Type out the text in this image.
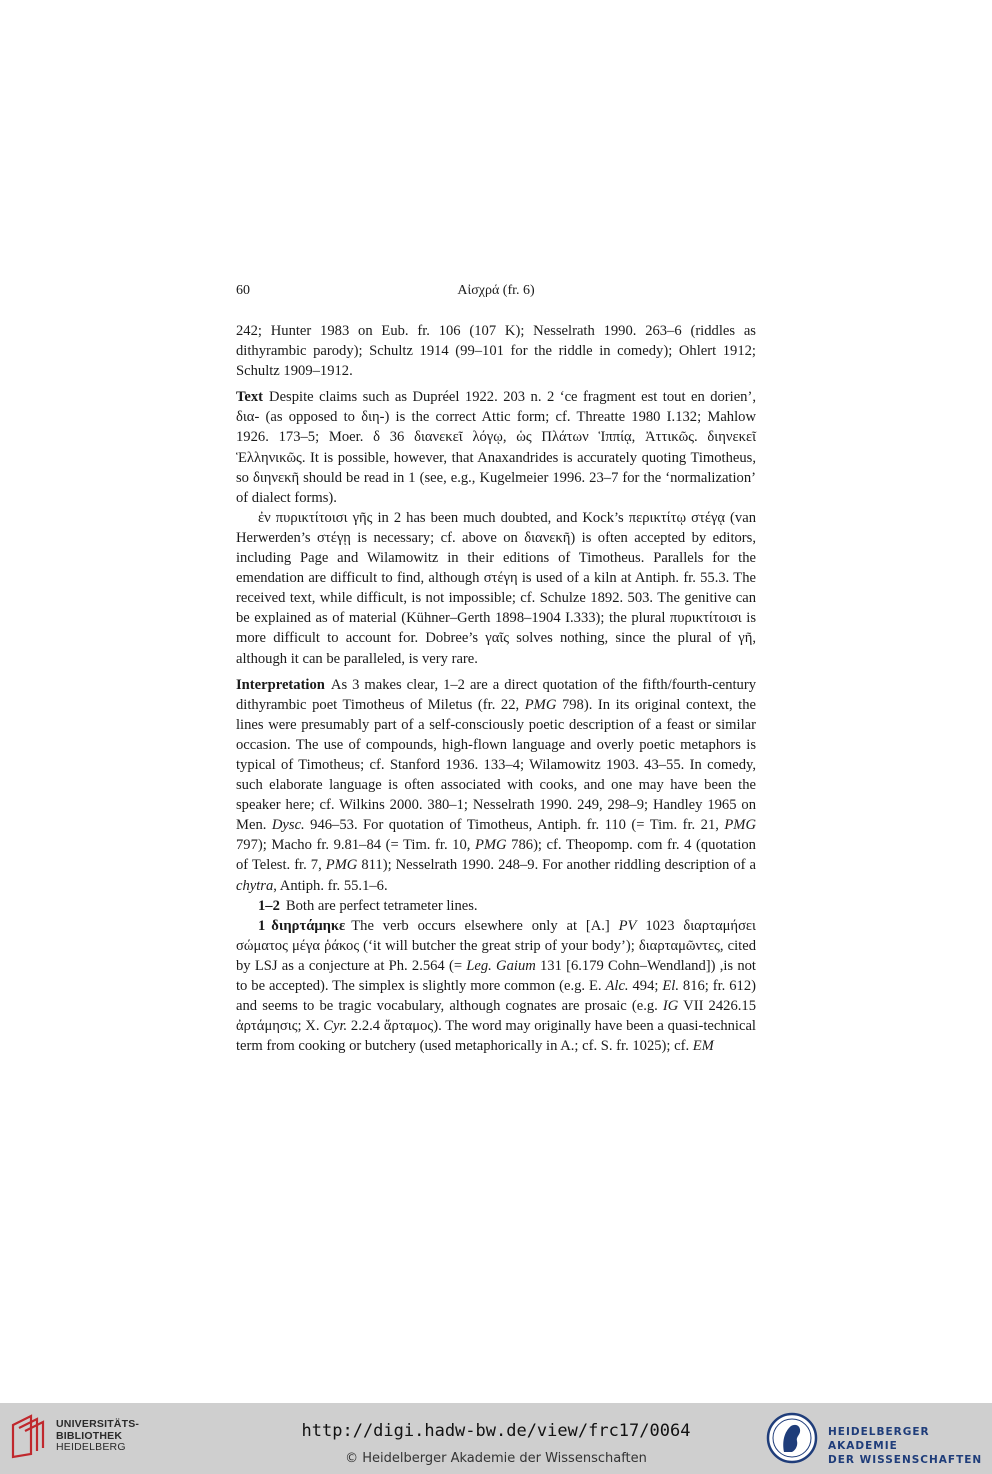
60	Αἰσχρά (fr. 6)

242; Hunter 1983 on Eub. fr. 106 (107 K); Nesselrath 1990. 263–6 (riddles as dithyrambic parody); Schultz 1914 (99–101 for the riddle in comedy); Ohlert 1912; Schultz 1909–1912.

Text Despite claims such as Dupréel 1922. 203 n. 2 ‘ce fragment est tout en dorien’, δια- (as opposed to διη-) is the correct Attic form; cf. Threatte 1980 I.132; Mahlow 1926. 173–5; Moer. δ 36 διανεκεῖ λόγῳ, ὡς Πλάτων Ἱππίᾳ, Ἀττικῶς. διηνεκεῖ Ἑλληνικῶς. It is possible, however, that Anaxandrides is accurately quoting Timotheus, so διηνεκῆ should be read in 1 (see, e.g., Kugelmeier 1996. 23–7 for the ‘normalization’ of dialect forms).

ἐν πυρικτίτοισι γῆς in 2 has been much doubted, and Kock’s περικτίτῳ στέγᾳ (van Herwerden’s στέγῃ is necessary; cf. above on διανεκῆ) is often accepted by editors, including Page and Wilamowitz in their editions of Timotheus. Parallels for the emendation are difficult to find, although στέγη is used of a kiln at Antiph. fr. 55.3. The received text, while difficult, is not impossible; cf. Schulze 1892. 503. The genitive can be explained as of material (Kühner–Gerth 1898–1904 I.333); the plural πυρικτίτοισι is more difficult to account for. Dobree’s γαῖς solves nothing, since the plural of γῆ, although it can be paralleled, is very rare.

Interpretation As 3 makes clear, 1–2 are a direct quotation of the fifth/fourth-century dithyrambic poet Timotheus of Miletus (fr. 22, PMG 798). In its original context, the lines were presumably part of a self-consciously poetic description of a feast or similar occasion. The use of compounds, high-flown language and overly poetic metaphors is typical of Timotheus; cf. Stanford 1936. 133–4; Wilamowitz 1903. 43–55. In comedy, such elaborate language is often associated with cooks, and one may have been the speaker here; cf. Wilkins 2000. 380–1; Nesselrath 1990. 249, 298–9; Handley 1965 on Men. Dysc. 946–53. For quotation of Timotheus, Antiph. fr. 110 (= Tim. fr. 21, PMG 797); Macho fr. 9.81–84 (= Tim. fr. 10, PMG 786); cf. Theopomp. com fr. 4 (quotation of Telest. fr. 7, PMG 811); Nesselrath 1990. 248–9. For another riddling description of a chytra, Antiph. fr. 55.1–6.

1–2 Both are perfect tetrameter lines.

1 διηρτάμηκε The verb occurs elsewhere only at [A.] PV 1023 διαρταμήσει σώματος μέγα ῥάκος (‘it will butcher the great strip of your body’); διαρταμῶντες, cited by LSJ as a conjecture at Ph. 2.564 (= Leg. Gaium 131 [6.179 Cohn–Wendland]) ,is not to be accepted). The simplex is slightly more common (e.g. E. Alc. 494; El. 816; fr. 612) and seems to be tragic vocabulary, although cognates are prosaic (e.g. IG VII 2426.15 ἀρτάμησις; X. Cyr. 2.2.4 ἄρταμος). The word may originally have been a quasi-technical term from cooking or butchery (used metaphorically in A.; cf. S. fr. 1025); cf. EM

UNIVERSITÄTS-
BIBLIOTHEK
HEIDELBERG
http://digi.hadw-bw.de/view/frc17/0064
© Heidelberger Akademie der Wissenschaften
HEIDELBERGER AKADEMIE
DER WISSENSCHAFTEN
